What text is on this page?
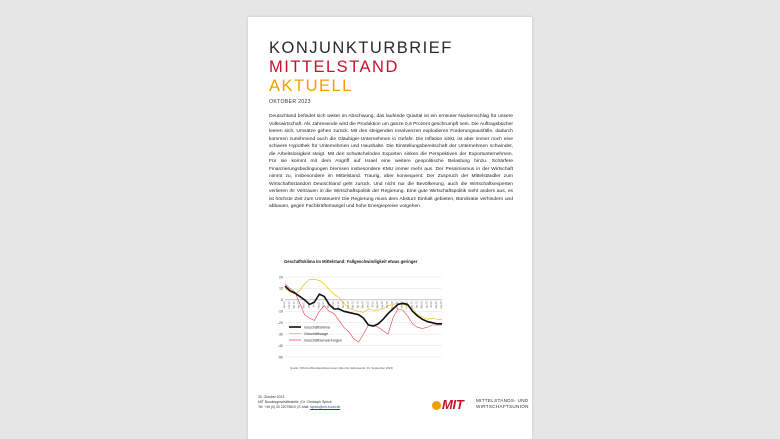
KONJUNKTURBRIEF
MITTELSTAND
AKTUELL
OKTOBER 2023
Deutschland befindet sich weiter im Abschwung, das laufende Quartal ist ein erneuter Nackenschlag für unsere Volkswirtschaft. Als Jahresende wird die Produktion um ganze 0,6 Prozent geschrumpft sein. Die Auftragsbücher leeren sich, Umsätze gehen zurück. Mit den steigenden Insolvenzen explodieren Forderungsausfälle, dadurch kommen zunehmend auch die Gläubiger-Unternehmen in Gefahr. Die Inflation sinkt, ist aber immer noch eine schwere Hypothek für Unternehmen und Haushalte. Die Einstellungsbereitschaft der Unternehmen schwindet, die Arbeitslosigkeit steigt. Mit den schwächelnden Exporten sinken die Perspektiven der Exportunternehmen. Für sie kommt mit dem Angriff auf Israel eine weitere geopolitische Belastung hinzu. Schärfere Finanzierungsbedingungen bremsen insbesondere KMU immer mehr aus. Der Pessimismus in der Wirtschaft nimmt zu, insbesondere im Mittelstand. Traurig, aber konsequent: Der Zuspruch der Mittelständler zum Wirtschaftsstandort Deutschland geht zurück. Und nicht nur die Bevölkerung, auch die Wirtschaftsexperten verlieren ihr Vertrauen in die Wirtschaftspolitik der Regierung. Eine gute Wirtschaftspolitik sieht anders aus, es ist höchste Zeit zum Umsteuern! Die Regierung muss dem Absturz Einhalt gebieten, Bürokratie verhindern und abbauen, gegen Fachkräftemangel und hohe Energiepreise vorgehen.
Geschäftsklima im Mittelstand: Fallgeschwindigkeit etwas geringer
20
10
0
-10
-20
-30
-40
-50
Jan 21 Feb 21	Mrz 21	Apr 21 Mai 21 Jun 21 Jul 21	Aug 21 Sep 21	Okt 21 Nov 21 Dez 21 Jan 22 Feb 22	Mrz 22	Apr 22 Mai 22 Jun 22 Jul 22	Aug 22 Sep 22	Okt 22 Nov 22 Dez 22 Jan 23 Feb 23	Mrz 23	Apr 23 Mai 23 Jun 23 Jul 23	Aug 23 Sep 23
Geschäftsklima
Geschäftslage
Geschäftserwartungen
Quelle: KfW-ifo-Mittelstandsbarometer (Alle drei Jahreswerte: 01. September 2023)
30. Oktober 2023
MIT Bundesgeschäftsstelle | Dr. Christoph Sprick
Tel. +49 (0) 30 22079810 | E-Mail: sprick@mit-bund.de	MIT	MITTELSTANDS- UND
WIRTSCHAFTSUNION
